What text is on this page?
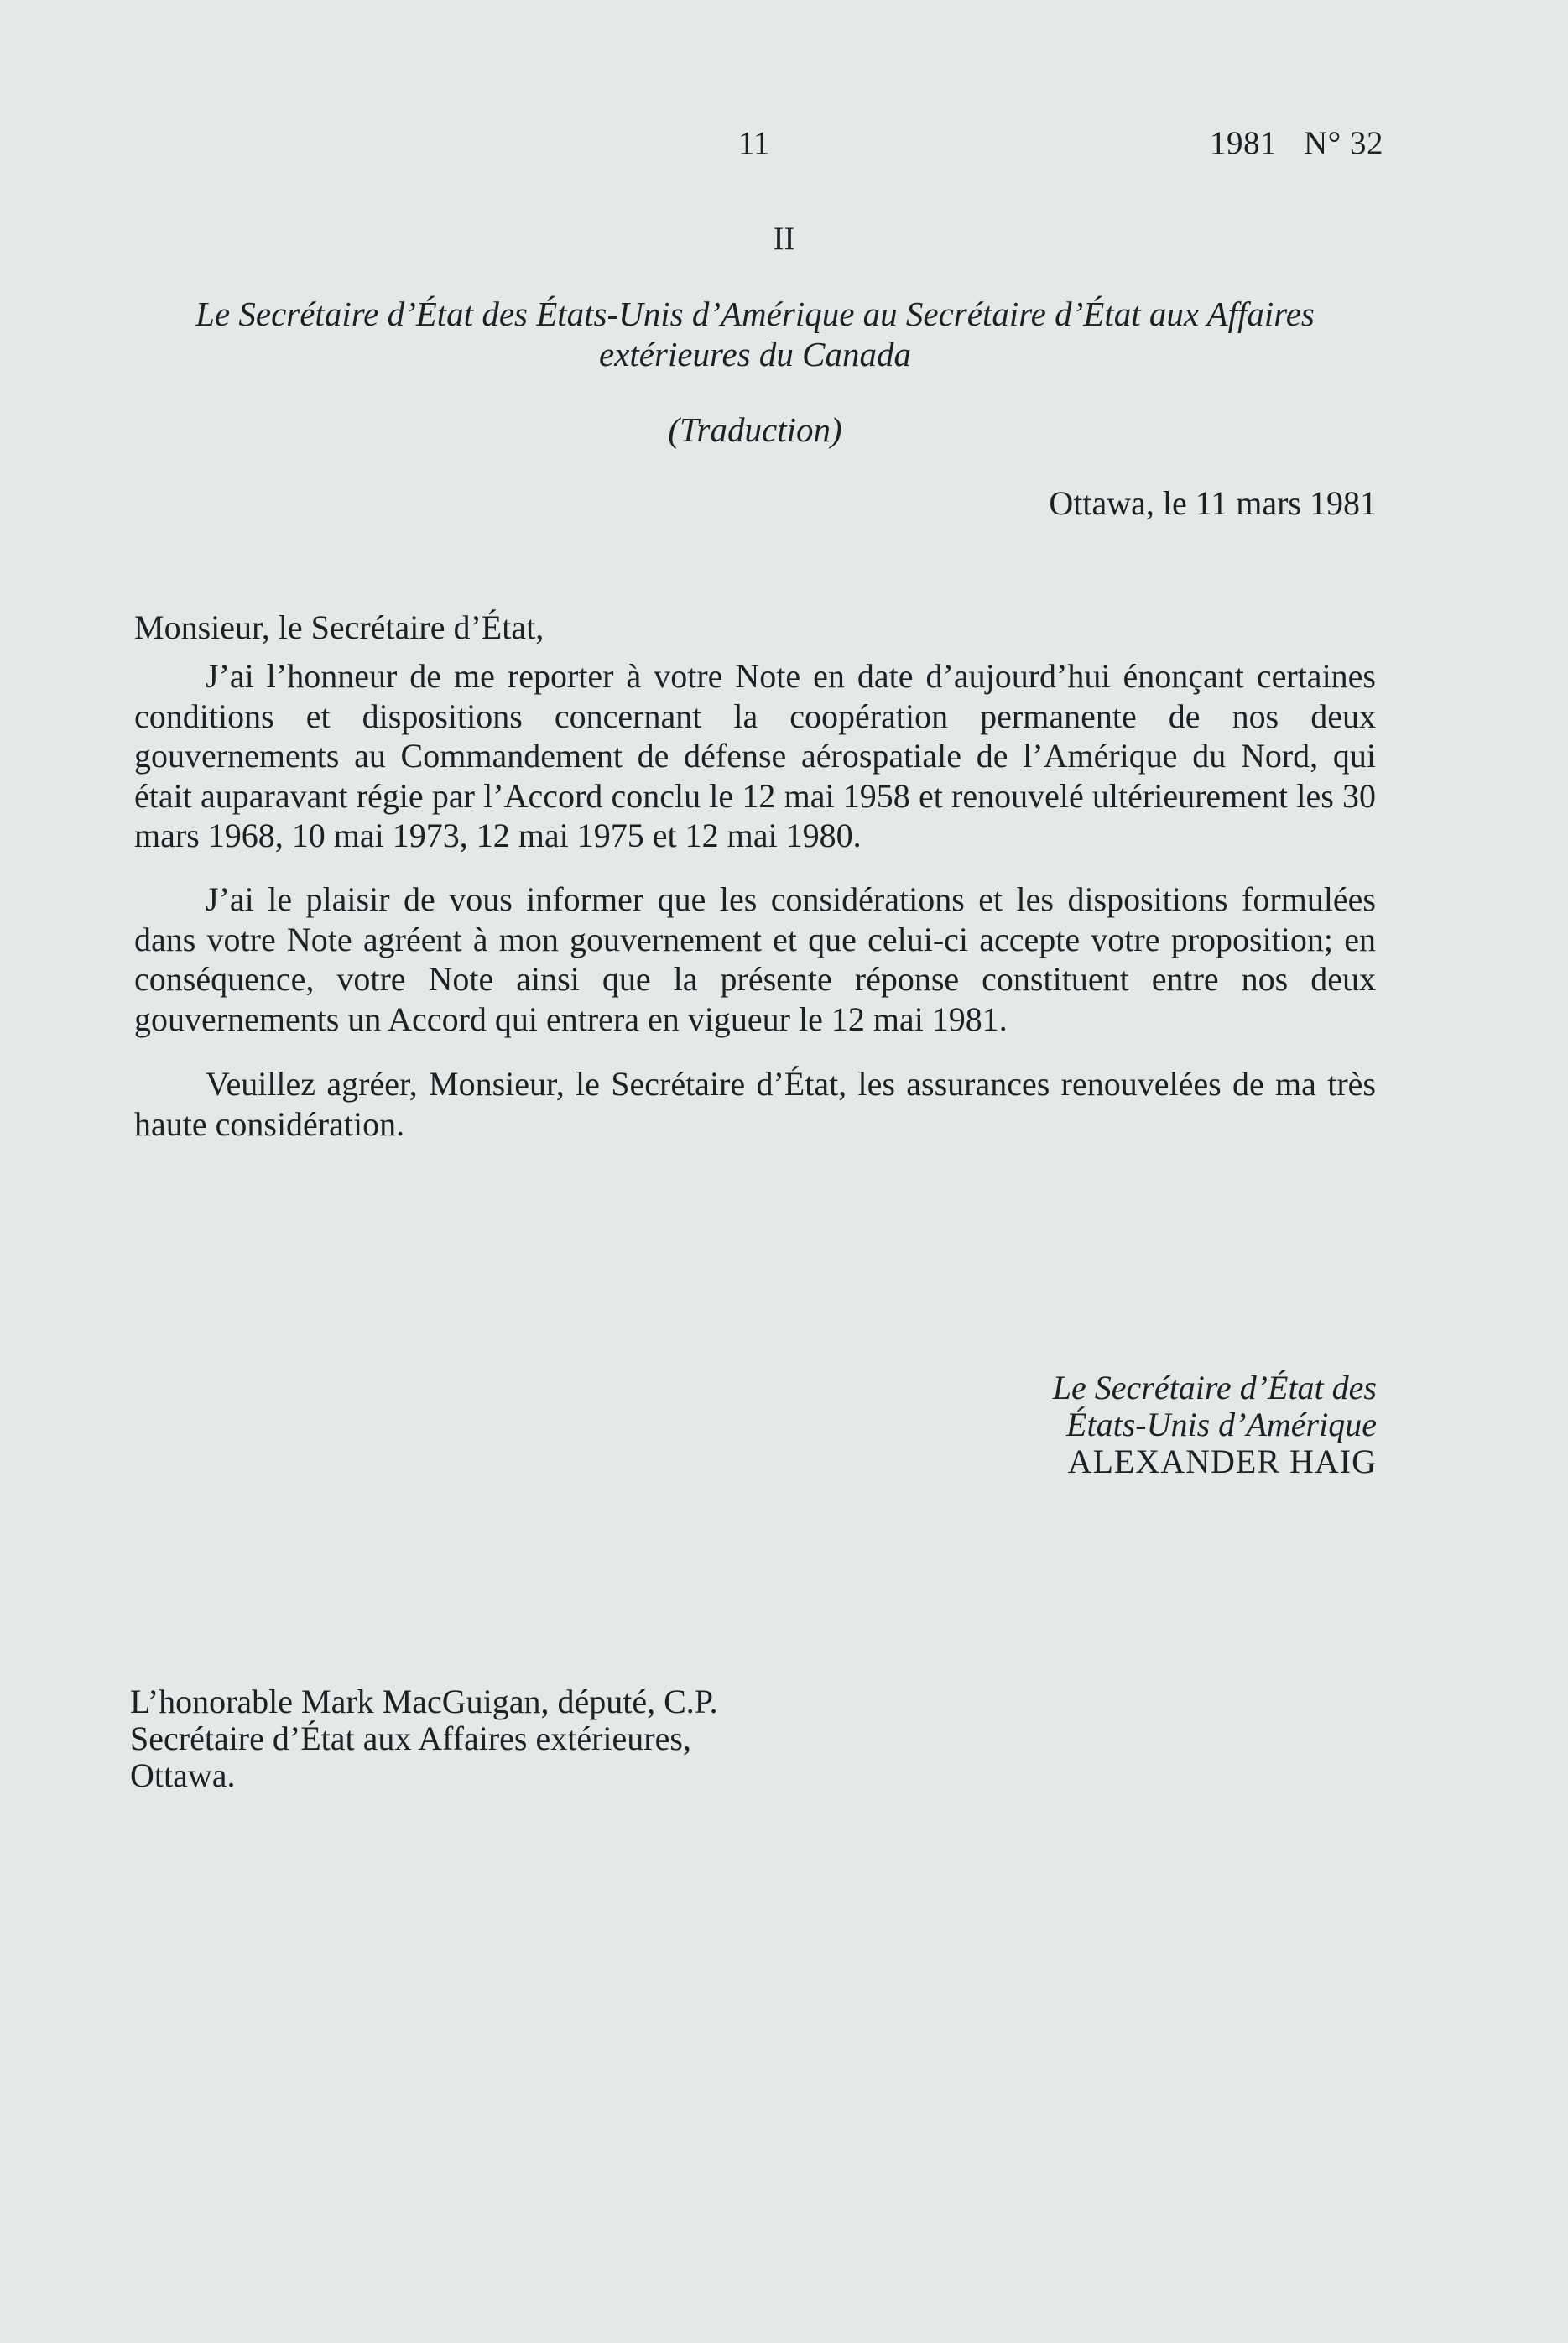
11	1981 N° 32
II
Le Secrétaire d’État des États-Unis d’Amérique au Secrétaire d’État aux Affaires extérieures du Canada
(Traduction)
Ottawa, le 11 mars 1981
Monsieur, le Secrétaire d’État,

J’ai l’honneur de me reporter à votre Note en date d’aujourd’hui énonçant certaines conditions et dispositions concernant la coopération permanente de nos deux gouvernements au Commandement de défense aérospatiale de l’Amérique du Nord, qui était auparavant régie par l’Accord conclu le 12 mai 1958 et renouvelé ultérieurement les 30 mars 1968, 10 mai 1973, 12 mai 1975 et 12 mai 1980.

J’ai le plaisir de vous informer que les considérations et les dispositions formulées dans votre Note agréent à mon gouvernement et que celui-ci accepte votre proposition; en conséquence, votre Note ainsi que la présente réponse constituent entre nos deux gouvernements un Accord qui entrera en vigueur le 12 mai 1981.

Veuillez agréer, Monsieur, le Secrétaire d’État, les assurances renouvelées de ma très haute considération.

Le Secrétaire d’État des
États-Unis d’Amérique
ALEXANDER HAIG
L’honorable Mark MacGuigan, député, C.P.
Secrétaire d’État aux Affaires extérieures,
Ottawa.
